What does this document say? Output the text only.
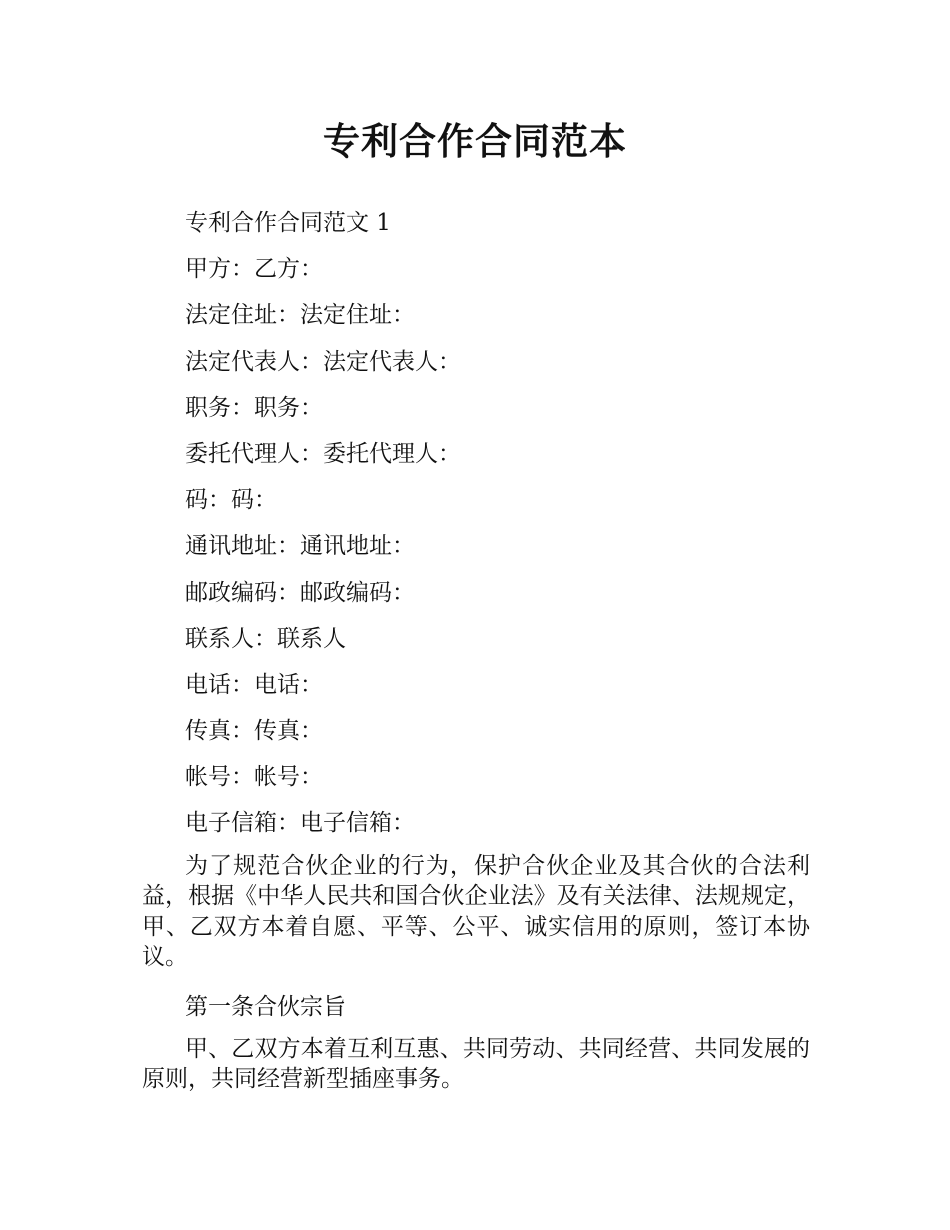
专利合作合同范本

专利合作合同范文 1

甲方：乙方：

法定住址：法定住址：

法定代表人：法定代表人：

职务：职务：

委托代理人：委托代理人：

码：码：

通讯地址：通讯地址：

邮政编码：邮政编码：

联系人：联系人

电话：电话：

传真：传真：

帐号：帐号：

电子信箱：电子信箱：

为了规范合伙企业的行为，保护合伙企业及其合伙的合法利益，根据《中华人民共和国合伙企业法》及有关法律、法规规定，甲、乙双方本着自愿、平等、公平、诚实信用的原则，签订本协议。

第一条合伙宗旨

甲、乙双方本着互利互惠、共同劳动、共同经营、共同发展的原则，共同经营新型插座事务。
